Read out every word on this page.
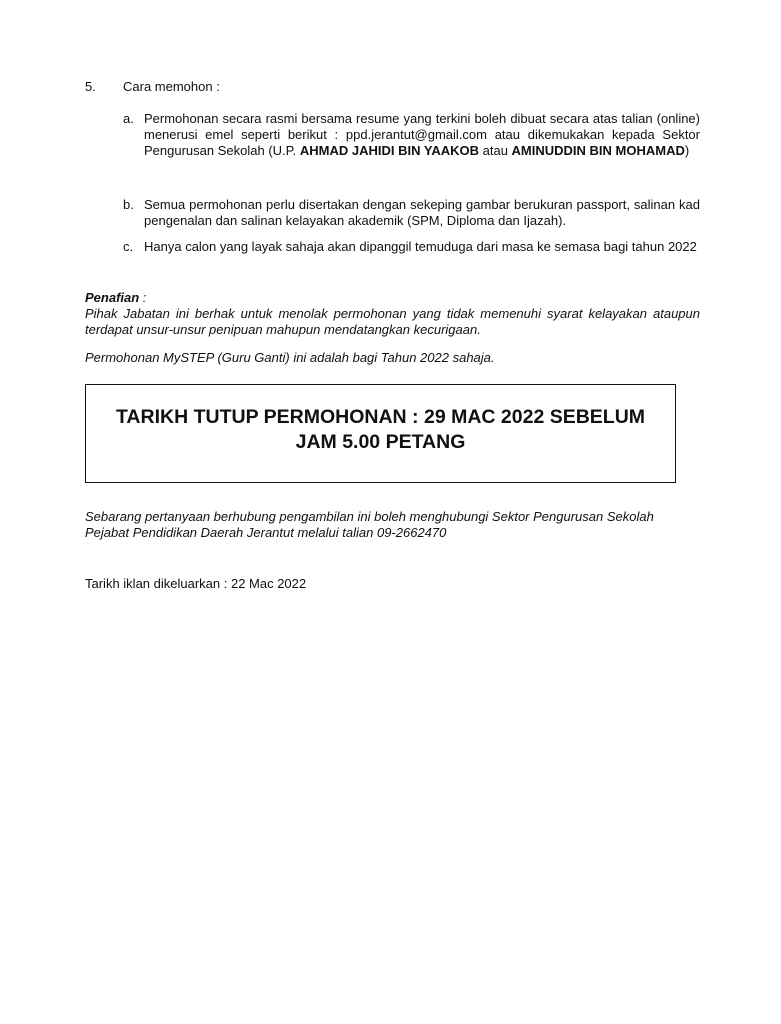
5. Cara memohon :
a. Permohonan secara rasmi bersama resume yang terkini boleh dibuat secara atas talian (online) menerusi emel seperti berikut : ppd.jerantut@gmail.com atau dikemukakan kepada Sektor Pengurusan Sekolah (U.P. AHMAD JAHIDI BIN YAAKOB atau AMINUDDIN BIN MOHAMAD)
b. Semua permohonan perlu disertakan dengan sekeping gambar berukuran passport, salinan kad pengenalan dan salinan kelayakan akademik (SPM, Diploma dan Ijazah).
c. Hanya calon yang layak sahaja akan dipanggil temuduga dari masa ke semasa bagi tahun 2022
Penafian :
Pihak Jabatan ini berhak untuk menolak permohonan yang tidak memenuhi syarat kelayakan ataupun terdapat unsur-unsur penipuan mahupun mendatangkan kecurigaan.
Permohonan MySTEP (Guru Ganti) ini adalah bagi Tahun 2022 sahaja.
TARIKH TUTUP PERMOHONAN : 29 MAC 2022 SEBELUM JAM 5.00 PETANG
Sebarang pertanyaan berhubung pengambilan ini boleh menghubungi Sektor Pengurusan Sekolah Pejabat Pendidikan Daerah Jerantut melalui talian 09-2662470
Tarikh iklan dikeluarkan : 22 Mac 2022
